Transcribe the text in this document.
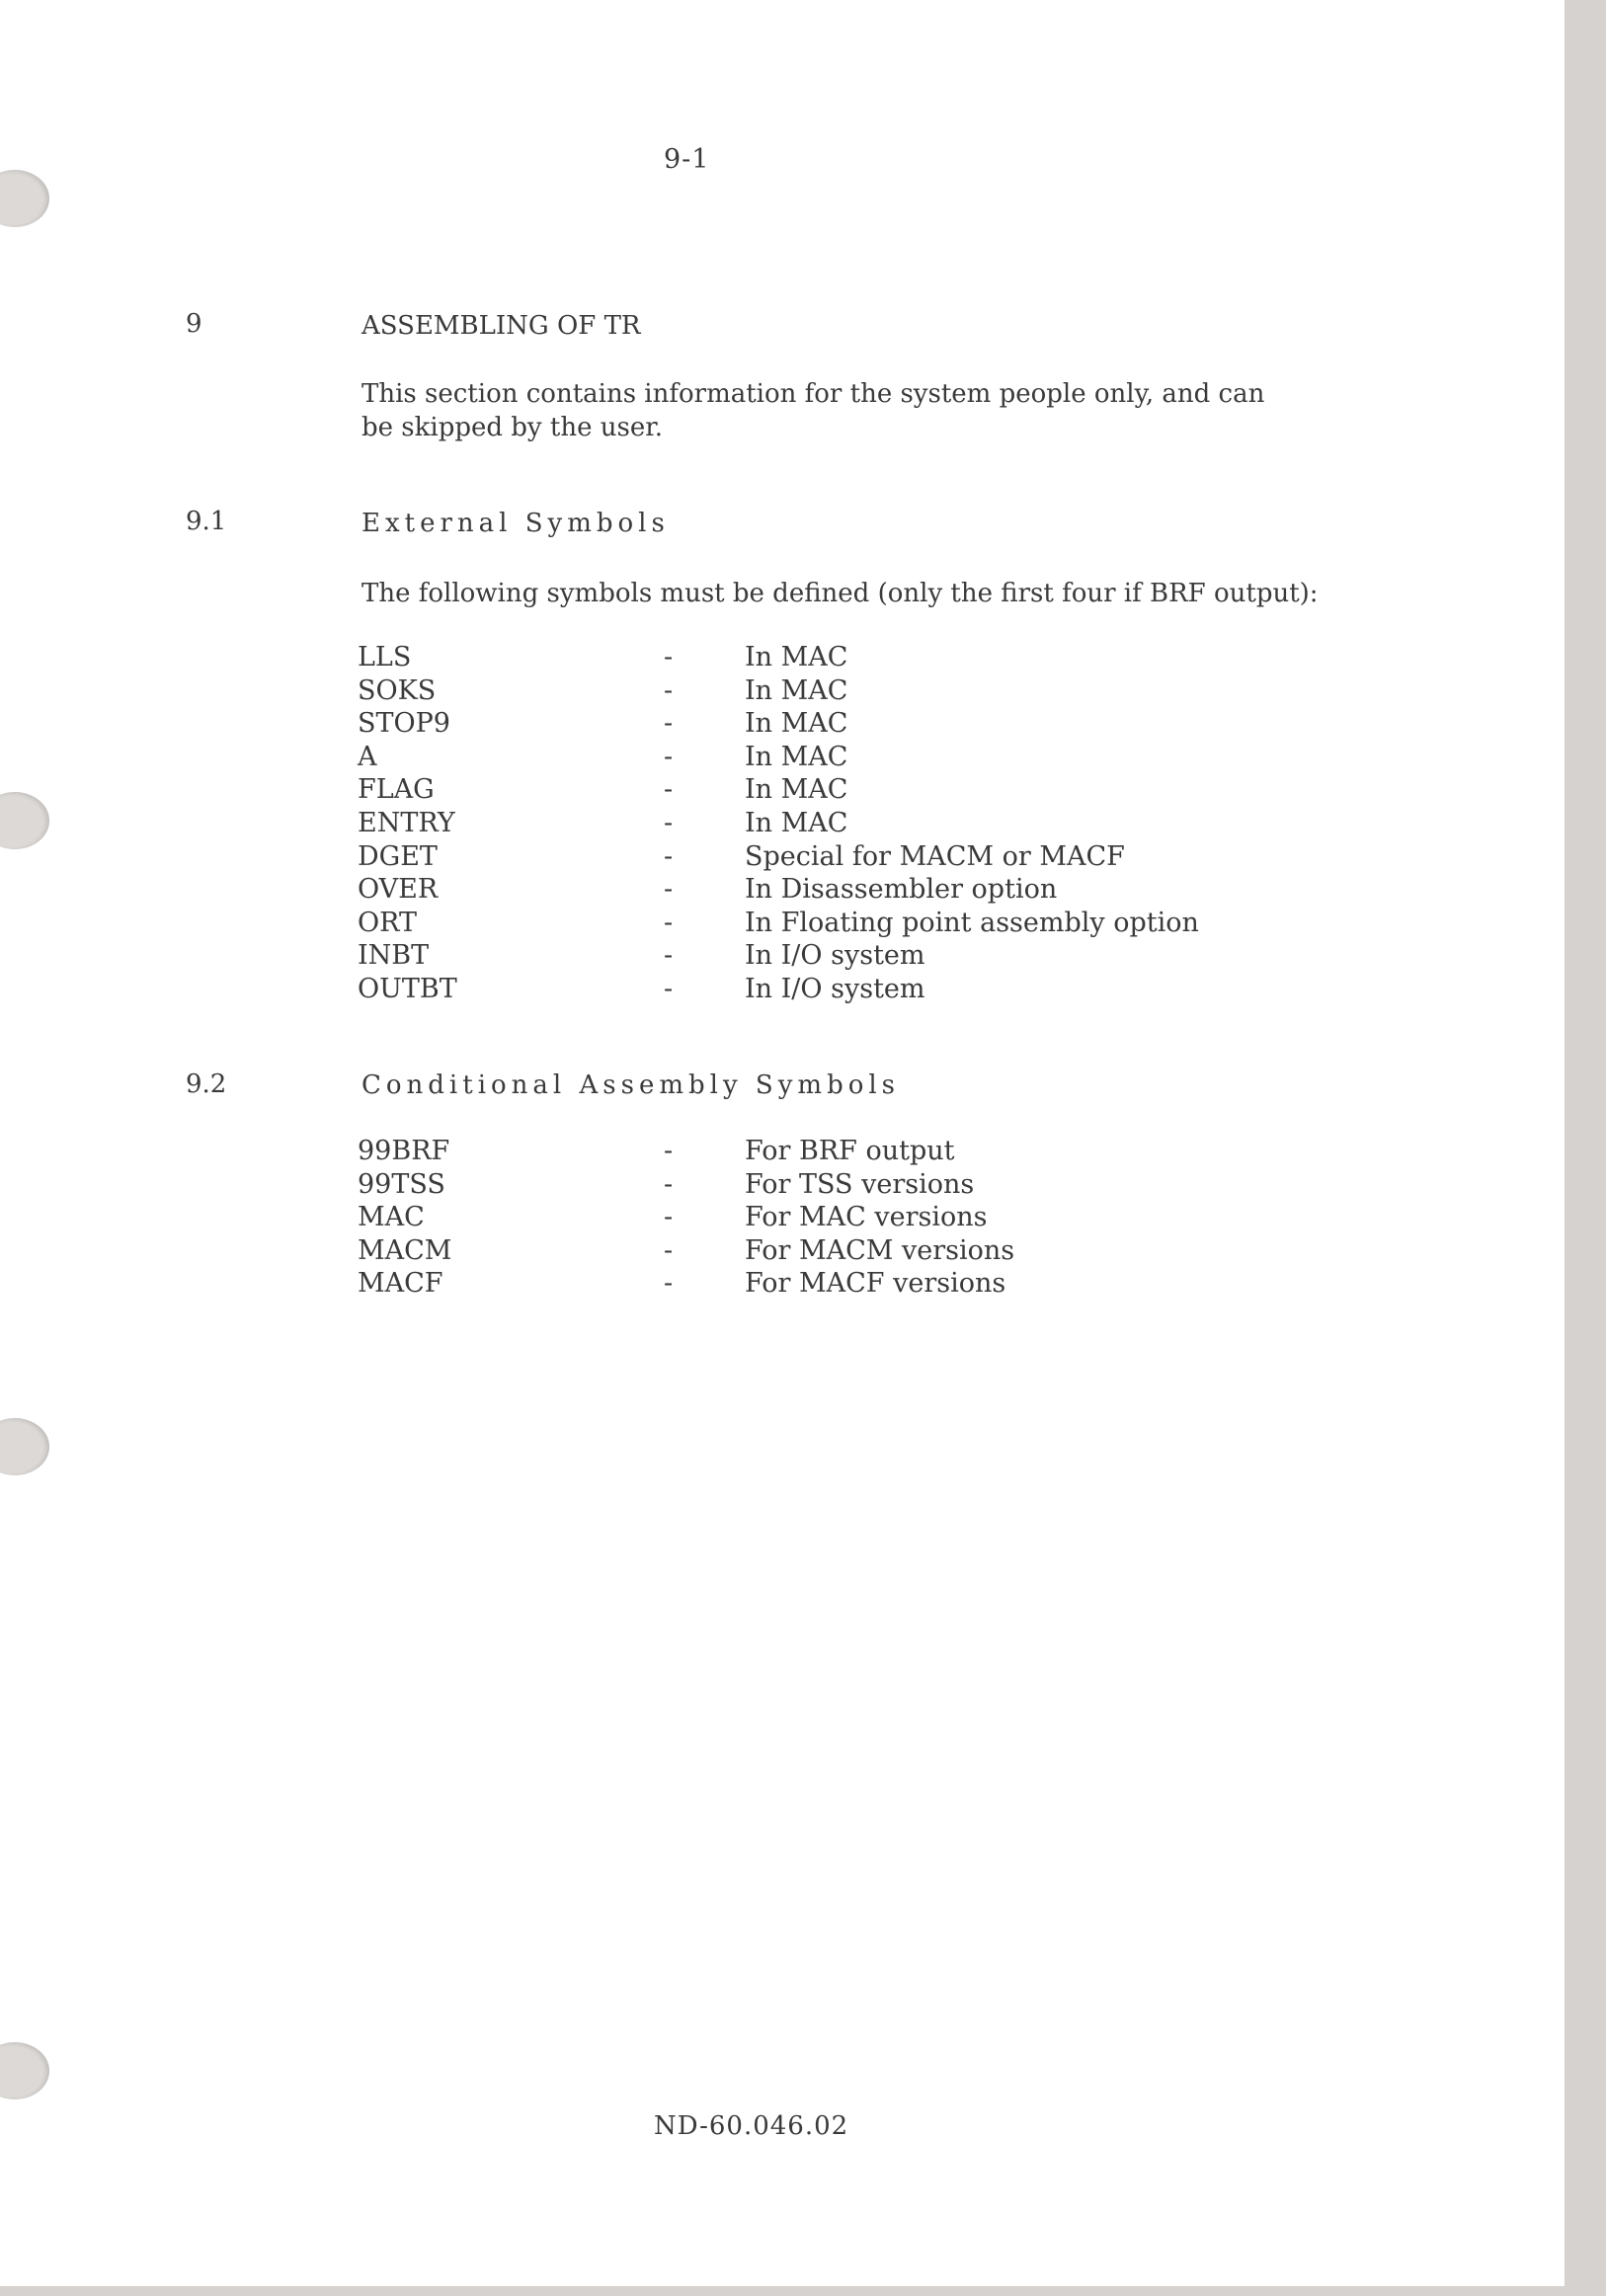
9-1
9	ASSEMBLING OF TR
This section contains information for the system people only, and can
be skipped by the user.
9.1	External Symbols
The following symbols must be defined (only the first four if BRF output):
LLS	-	In MAC
SOKS	-	In MAC
STOP9	-	In MAC
A	-	In MAC
FLAG	-	In MAC
ENTRY	-	In MAC
DGET	-	Special for MACM or MACF
OVER	-	In Disassembler option
ORT	-	In Floating point assembly option
INBT	-	In I/O system
OUTBT	-	In I/O system
9.2	Conditional Assembly Symbols
99BRF	-	For BRF output
99TSS	-	For TSS versions
MAC	-	For MAC versions
MACM	-	For MACM versions
MACF	-	For MACF versions
ND-60.046.02
